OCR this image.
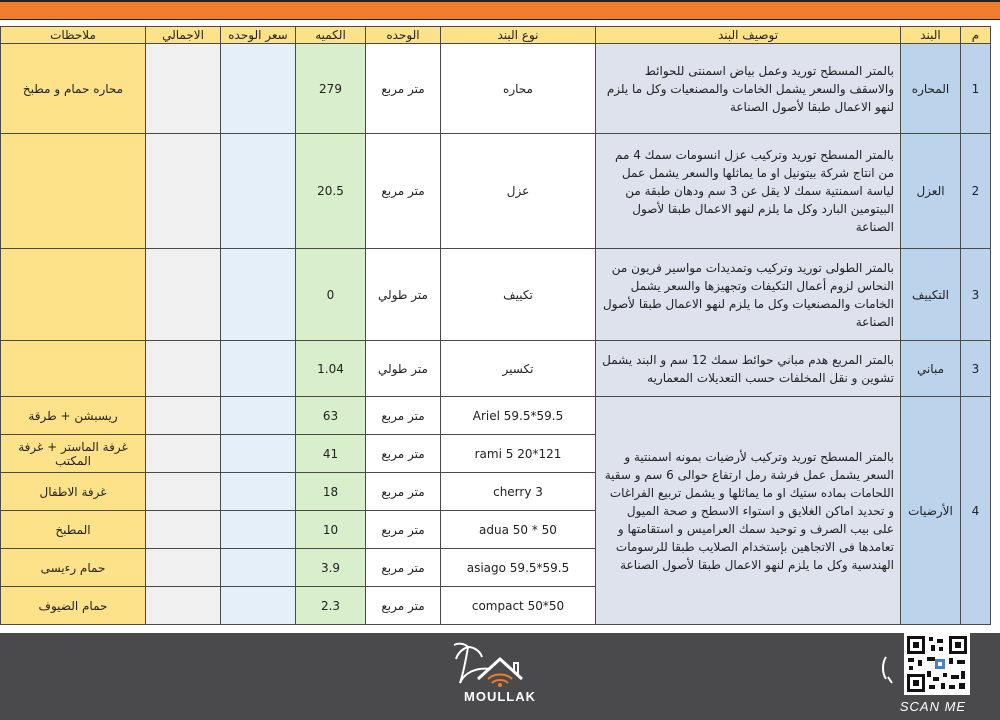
م	البند	توصيف البند	نوع البند	الوحده	الكميه	سعر الوحده	الاجمالي	ملاحظات
1	المحاره	بالمتر المسطح توريد وعمل بياض اسمنتى للحوائط والاسقف والسعر يشمل الخامات والمصنعيات وكل ما يلزم لنهو الاعمال طبقا لأصول الصناعة	محاره	متر مربع	279			محاره حمام و مطبخ
2	العزل	بالمتر المسطح توريد وتركيب عزل انسومات سمك 4 مم من انتاج شركة بيتونيل او ما يماثلها والسعر يشمل عمل لياسة اسمنتية سمك لا يقل عن 3 سم ودهان طبقة من البيتومين البارد وكل ما يلزم لنهو الاعمال طبقا لأصول الصناعة	عزل	متر مربع	20.5			
3	التكييف	بالمتر الطولى توريد وتركيب وتمديدات مواسير فريون من النحاس لزوم أعمال التكيفات وتجهيزها والسعر يشمل الخامات والمصنعيات وكل ما يلزم لنهو الاعمال طبقا لأصول الصناعة	تكييف	متر طولي	0			
3	مباني	بالمتر المربع هدم مباني حوائط سمك 12 سم و البند يشمل تشوين و نقل المخلفات حسب التعديلات المعماريه	تكسير	متر طولي	1.04			
4	الأرضيات	بالمتر المسطح توريد وتركيب لأرضيات بمونه اسمنتية و السعر يشمل عمل فرشة رمل ارتفاع حوالى 6 سم و سقية اللحامات بماده ستيك او ما يماثلها و يشمل تربيع الفراغات و تحديد اماكن الغلايق و استواء الاسطح و صحة الميول على بيب الصرف و توحيد سمك العراميس و استقامتها و تعامدها فى الاتجاهين بإستخدام الصلايب طبقا للرسومات الهندسية وكل ما يلزم لنهو الاعمال طبقا لأصول الصناعة	Ariel 59.5*59.5	متر مربع	63			ريسبشن + طرقة
			rami 5 20*121	متر مربع	41			غرفة الماستر + غرفة المكتب
			cherry 3	متر مربع	18			غرفة الاطفال
			adua 50 * 50	متر مربع	10			المطبخ
			asiago 59.5*59.5	متر مربع	3.9			حمام رءيسى
			compact 50*50	متر مربع	2.3			حمام الضيوف
MOULLAK
SCAN ME
